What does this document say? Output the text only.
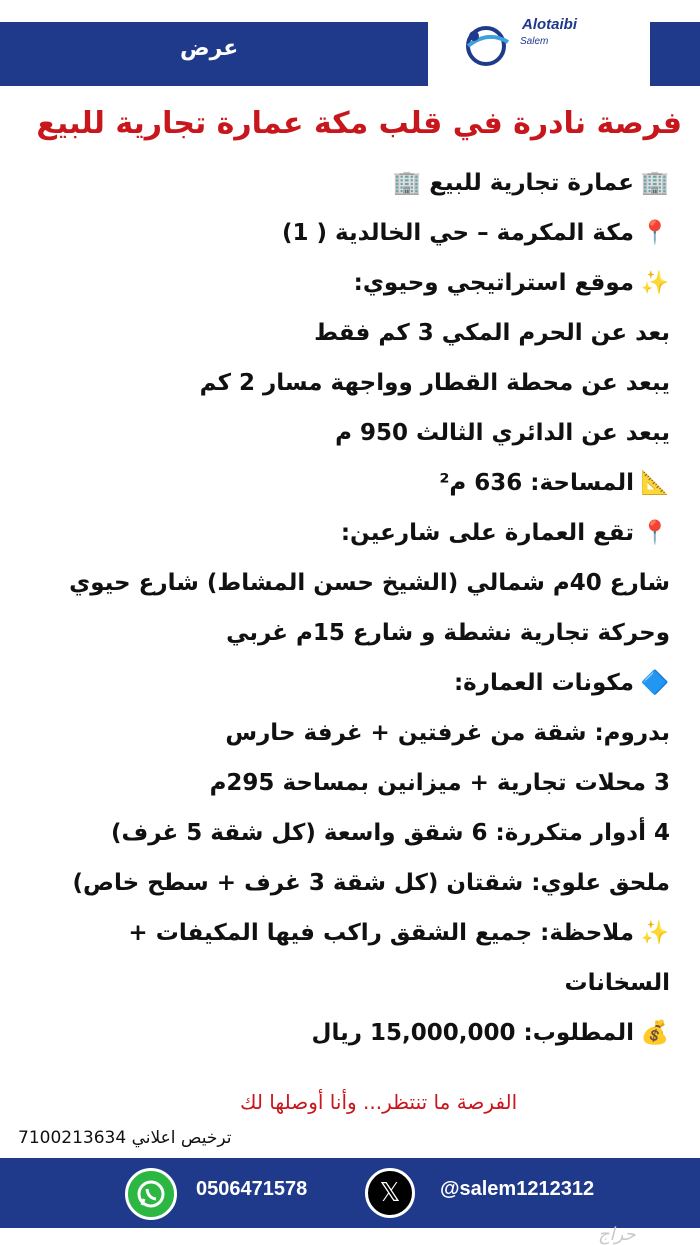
عرض
Alotaibi
Salem
فرصة نادرة في قلب مكة عمارة تجارية للبيع
🏢عمارة تجارية للبيع 🏢
📍مكة المكرمة – حي الخالدية ( 1)
✨موقع استراتيجي وحيوي:
بعد عن الحرم المكي 3 كم فقط
يبعد عن محطة القطار وواجهة مسار 2 كم
يبعد عن الدائري الثالث 950 م
📐المساحة: 636 م²
📍تقع العمارة على شارعين:
شارع 40م شمالي (الشيخ حسن المشاط) شارع حيوي
وحركة تجارية نشطة و شارع 15م غربي
🔷مكونات العمارة:
بدروم: شقة من غرفتين + غرفة حارس
3 محلات تجارية + ميزانين بمساحة 295م
4 أدوار متكررة: 6 شقق واسعة (كل شقة 5 غرف)
ملحق علوي: شقتان (كل شقة 3 غرف + سطح خاص)
✨ملاحظة: جميع الشقق راكب فيها المكيفات +
السخانات
💰المطلوب: 15,000,000 ريال
الفرصة ما تنتظر... وأنا أوصلها لك
ترخيص اعلاني 7100213634
0506471578	𝕏	@salem1212312
حراج
